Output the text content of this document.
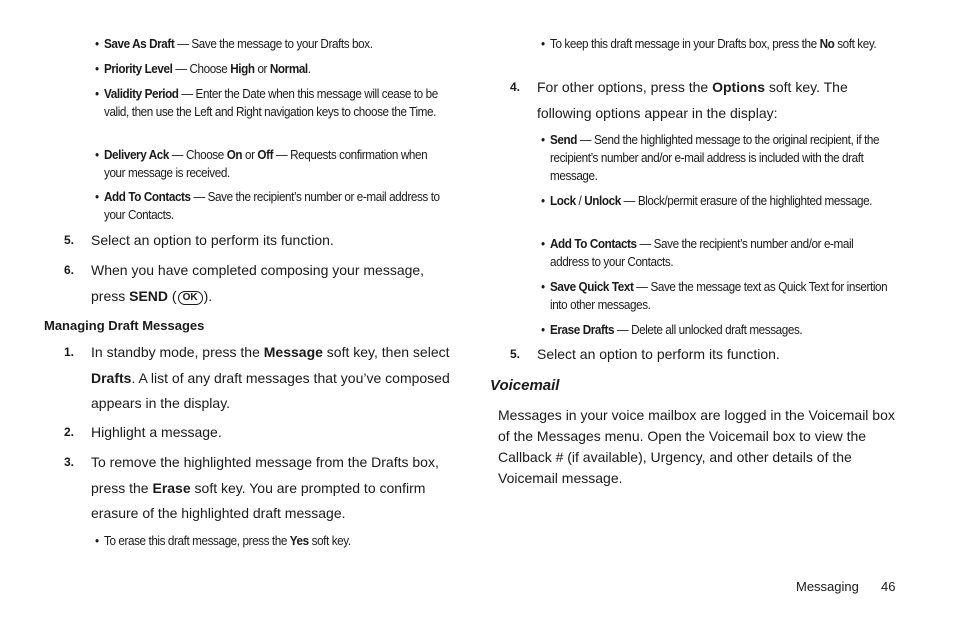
• Save As Draft — Save the message to your Drafts box.
• Priority Level — Choose High or Normal.
• Validity Period — Enter the Date when this message will cease to be valid, then use the Left and Right navigation keys to choose the Time.
• Delivery Ack — Choose On or Off — Requests confirmation when your message is received.
• Add To Contacts — Save the recipient’s number or e-mail address to your Contacts.
5. Select an option to perform its function.
6. When you have completed composing your message, press SEND ( OK ).
Managing Draft Messages
1. In standby mode, press the Message soft key, then select Drafts. A list of any draft messages that you’ve composed appears in the display.
2. Highlight a message.
3. To remove the highlighted message from the Drafts box, press the Erase soft key. You are prompted to confirm erasure of the highlighted draft message.
• To erase this draft message, press the Yes soft key.
• To keep this draft message in your Drafts box, press the No soft key.
4. For other options, press the Options soft key. The following options appear in the display:
• Send — Send the highlighted message to the original recipient, if the recipient’s number and/or e-mail address is included with the draft message.
• Lock / Unlock — Block/permit erasure of the highlighted message.
• Add To Contacts — Save the recipient’s number and/or e-mail address to your Contacts.
• Save Quick Text — Save the message text as Quick Text for insertion into other messages.
• Erase Drafts — Delete all unlocked draft messages.
5. Select an option to perform its function.
Voicemail
Messages in your voice mailbox are logged in the Voicemail box of the Messages menu. Open the Voicemail box to view the Callback # (if available), Urgency, and other details of the Voicemail message.
Messaging 46
